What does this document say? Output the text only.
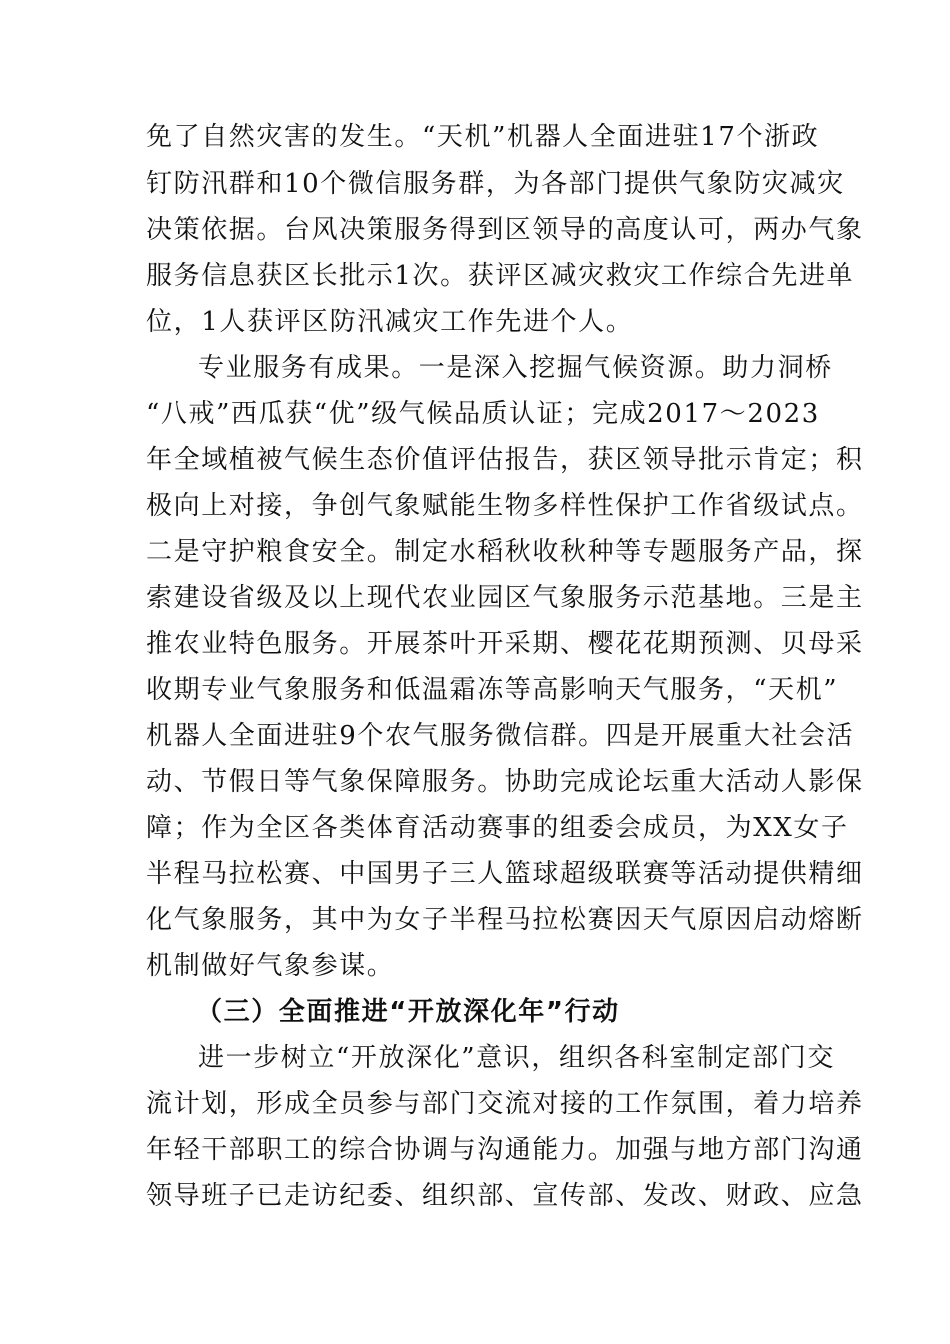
免了自然灾害的发生。“天机”机器人全面进驻17个浙政
钉防汛群和10个微信服务群，为各部门提供气象防灾减灾
决策依据。台风决策服务得到区领导的高度认可，两办气象
服务信息获区长批示1次。获评区减灾救灾工作综合先进单
位，1人获评区防汛减灾工作先进个人。
专业服务有成果。一是深入挖掘气候资源。助力洞桥
“八戒”西瓜获“优”级气候品质认证；完成2017～2023
年全域植被气候生态价值评估报告，获区领导批示肯定；积
极向上对接，争创气象赋能生物多样性保护工作省级试点。
二是守护粮食安全。制定水稻秋收秋种等专题服务产品，探
索建设省级及以上现代农业园区气象服务示范基地。三是主
推农业特色服务。开展茶叶开采期、樱花花期预测、贝母采
收期专业气象服务和低温霜冻等高影响天气服务，“天机”
机器人全面进驻9个农气服务微信群。四是开展重大社会活
动、节假日等气象保障服务。协助完成论坛重大活动人影保
障；作为全区各类体育活动赛事的组委会成员，为XX女子
半程马拉松赛、中国男子三人篮球超级联赛等活动提供精细
化气象服务，其中为女子半程马拉松赛因天气原因启动熔断
机制做好气象参谋。
（三）全面推进“开放深化年”行动
进一步树立“开放深化”意识，组织各科室制定部门交
流计划，形成全员参与部门交流对接的工作氛围，着力培养
年轻干部职工的综合协调与沟通能力。加强与地方部门沟通
领导班子已走访纪委、组织部、宣传部、发改、财政、应急
